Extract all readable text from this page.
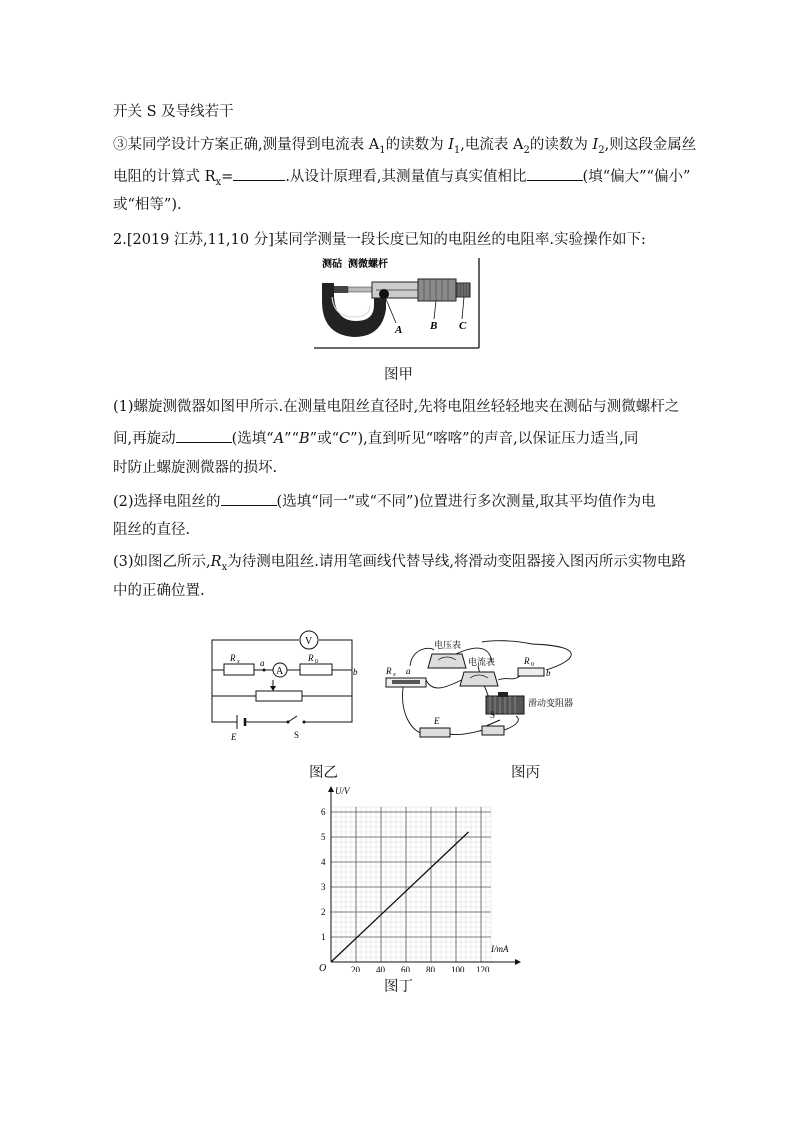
开关 S 及导线若干
③某同学设计方案正确,测量得到电流表 $A_1$的读数为 $I_1$,电流表 $A_2$的读数为 $I_2$,则这段金属丝
电阻的计算式 $R_x=$	.从设计原理看,其测量值与真实值相比	(填“偏大”“偏小”
或“相等”).
2.[2019 江苏,11,10 分]某同学测量一段长度已知的电阻丝的电阻率.实验操作如下:
测砧 测微螺杆
A	B C
图甲
(1)螺旋测微器如图甲所示.在测量电阻丝直径时,先将电阻丝轻轻地夹在测砧与测微螺杆之
间,再旋动	(选填“A”“B”或“C”),直到听见“喀喀”的声音,以保证压力适当,同
时防止螺旋测微器的损坏.
(2)选择电阻丝的	(选填“同一”或“不同”)位置进行多次测量,取其平均值作为电
阻丝的直径.
(3)如图乙所示$,R_x$为待测电阻丝.请用笔画线代替导线,将滑动变阻器接入图丙所示实物电路
中的正确位置.
V
R x a
A
R 0
b
E	S
电压表
电流表
R x a
R 0
b
滑动变阻器
E
S
图乙	图丙
U/V
I/mA
O	20 40 60 80 100 120
1
2
3
4
5
6
图丁
